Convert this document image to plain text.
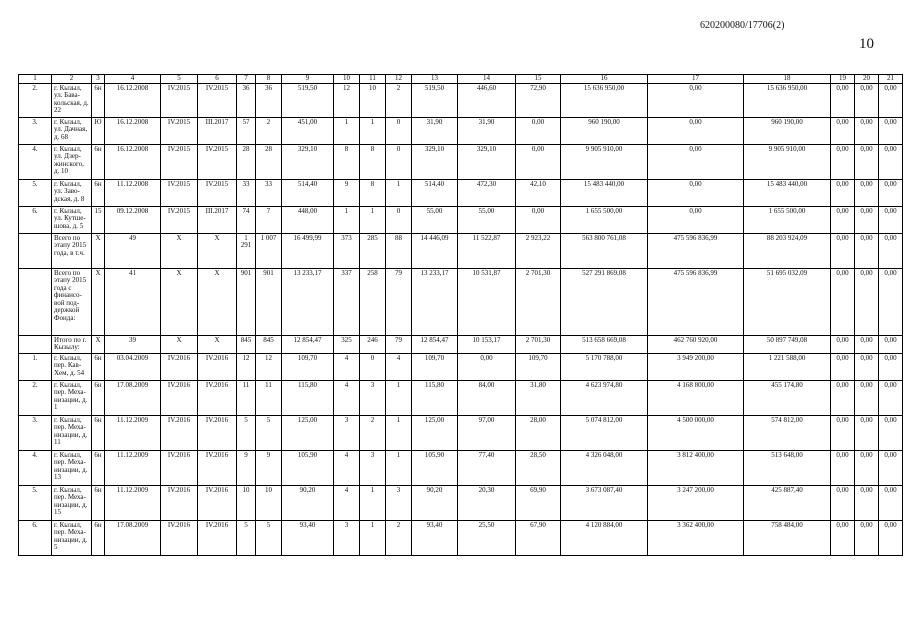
620200080/17706(2)
10
1	2	3	4	5	6	7	8	9	10	11	12	13	14	15	16	17	18	19	20	21
2.	г. Кызыл, ул. Бава-кольская, д. 22	6н	16.12.2008	IV.2015	IV.2015	36	36	519,50	12	10	2	519,50	446,60	72,90	15 636 950,00	0,00	15 636 950,00	0,00	0,00	0,00
3.	г. Кызыл, ул. Дачная, д. 68	Ю	16.12.2008	IV.2015	III.2017	57	2	451,00	1	1	0	31,90	31,90	0,00	960 190,00	0,00	960 190,00	0,00	0,00	0,00
4.	г. Кызыл, ул. Дзер-жинского, д. 10	6н	16.12.2008	IV.2015	IV.2015	28	28	329,10	8	8	0	329,10	329,10	0,00	9 905 910,00	0,00	9 905 910,00	0,00	0,00	0,00
5.	г. Кызыл, ул. Заво-дская, д. 8	6н	11.12.2008	IV.2015	IV.2015	33	33	514,40	9	8	1	514,40	472,30	42,10	15 483 440,00	0,00	15 483 440,00	0,00	0,00	0,00
6.	г. Кызыл, ул. Кутше-шова, д. 5	15	09.12.2008	IV.2015	III.2017	74	7	448,00	1	1	0	55,00	55,00	0,00	1 655 500,00	0,00	1 655 500,00	0,00	0,00	0,00
	Всего по этапу 2015 года, в т.ч.	X	49	X	X	1 291	1 007	16 499,99	373	285	88	14 446,09	11 522,87	2 923,22	563 800 761,08	475 596 836,99	88 203 924,09	0,00	0,00	0,00
	Всего по этапу 2015 года с финансо-вой под-держкой Фонда:	X	41	X	X	901	901	13 233,17	337	258	79	13 233,17	10 531,87	2 701,30	527 291 869,08	475 596 836,99	51 695 032,09	0,00	0,00	0,00
	Итого по г. Кызылу:	X	39	X	X	845	845	12 854,47	325	246	79	12 854,47	10 153,17	2 701,30	513 658 669,08	462 760 920,00	50 897 749,08	0,00	0,00	0,00
1.	г. Кызыл, пер. Кав-Хем, д. 54	6н	03.04.2009	IV.2016	IV.2016	12	12	109,70	4	0	4	109,70	0,00	109,70	5 170 788,00	3 949 200,00	1 221 588,00	0,00	0,00	0,00
2.	г. Кызыл, пер. Меха-низации, д. 1	6н	17.08.2009	IV.2016	IV.2016	11	11	115,80	4	3	1	115,80	84,00	31,80	4 623 974,80	4 168 800,00	455 174,80	0,00	0,00	0,00
3.	г. Кызыл, пер. Меха-низации, д. 11	6н	11.12.2009	IV.2016	IV.2016	5	5	125,00	3	2	1	125,00	97,00	28,00	5 074 812,00	4 500 000,00	574 812,00	0,00	0,00	0,00
4.	г. Кызыл, пер. Меха-низации, д. 13	6н	11.12.2009	IV.2016	IV.2016	9	9	105,90	4	3	1	105,90	77,40	28,50	4 326 048,00	3 812 400,00	513 648,00	0,00	0,00	0,00
5.	г. Кызыл, пер. Меха-низации, д. 15	6н	11.12.2009	IV.2016	IV.2016	10	10	90,20	4	1	3	90,20	20,30	69,90	3 673 087,40	3 247 200,00	425 887,40	0,00	0,00	0,00
6.	г. Кызыл, пер. Меха-низации, д. 5	6н	17.08.2009	IV.2016	IV.2016	5	5	93,40	3	1	2	93,40	25,50	67,90	4 120 884,00	3 362 400,00	758 484,00	0,00	0,00	0,00
